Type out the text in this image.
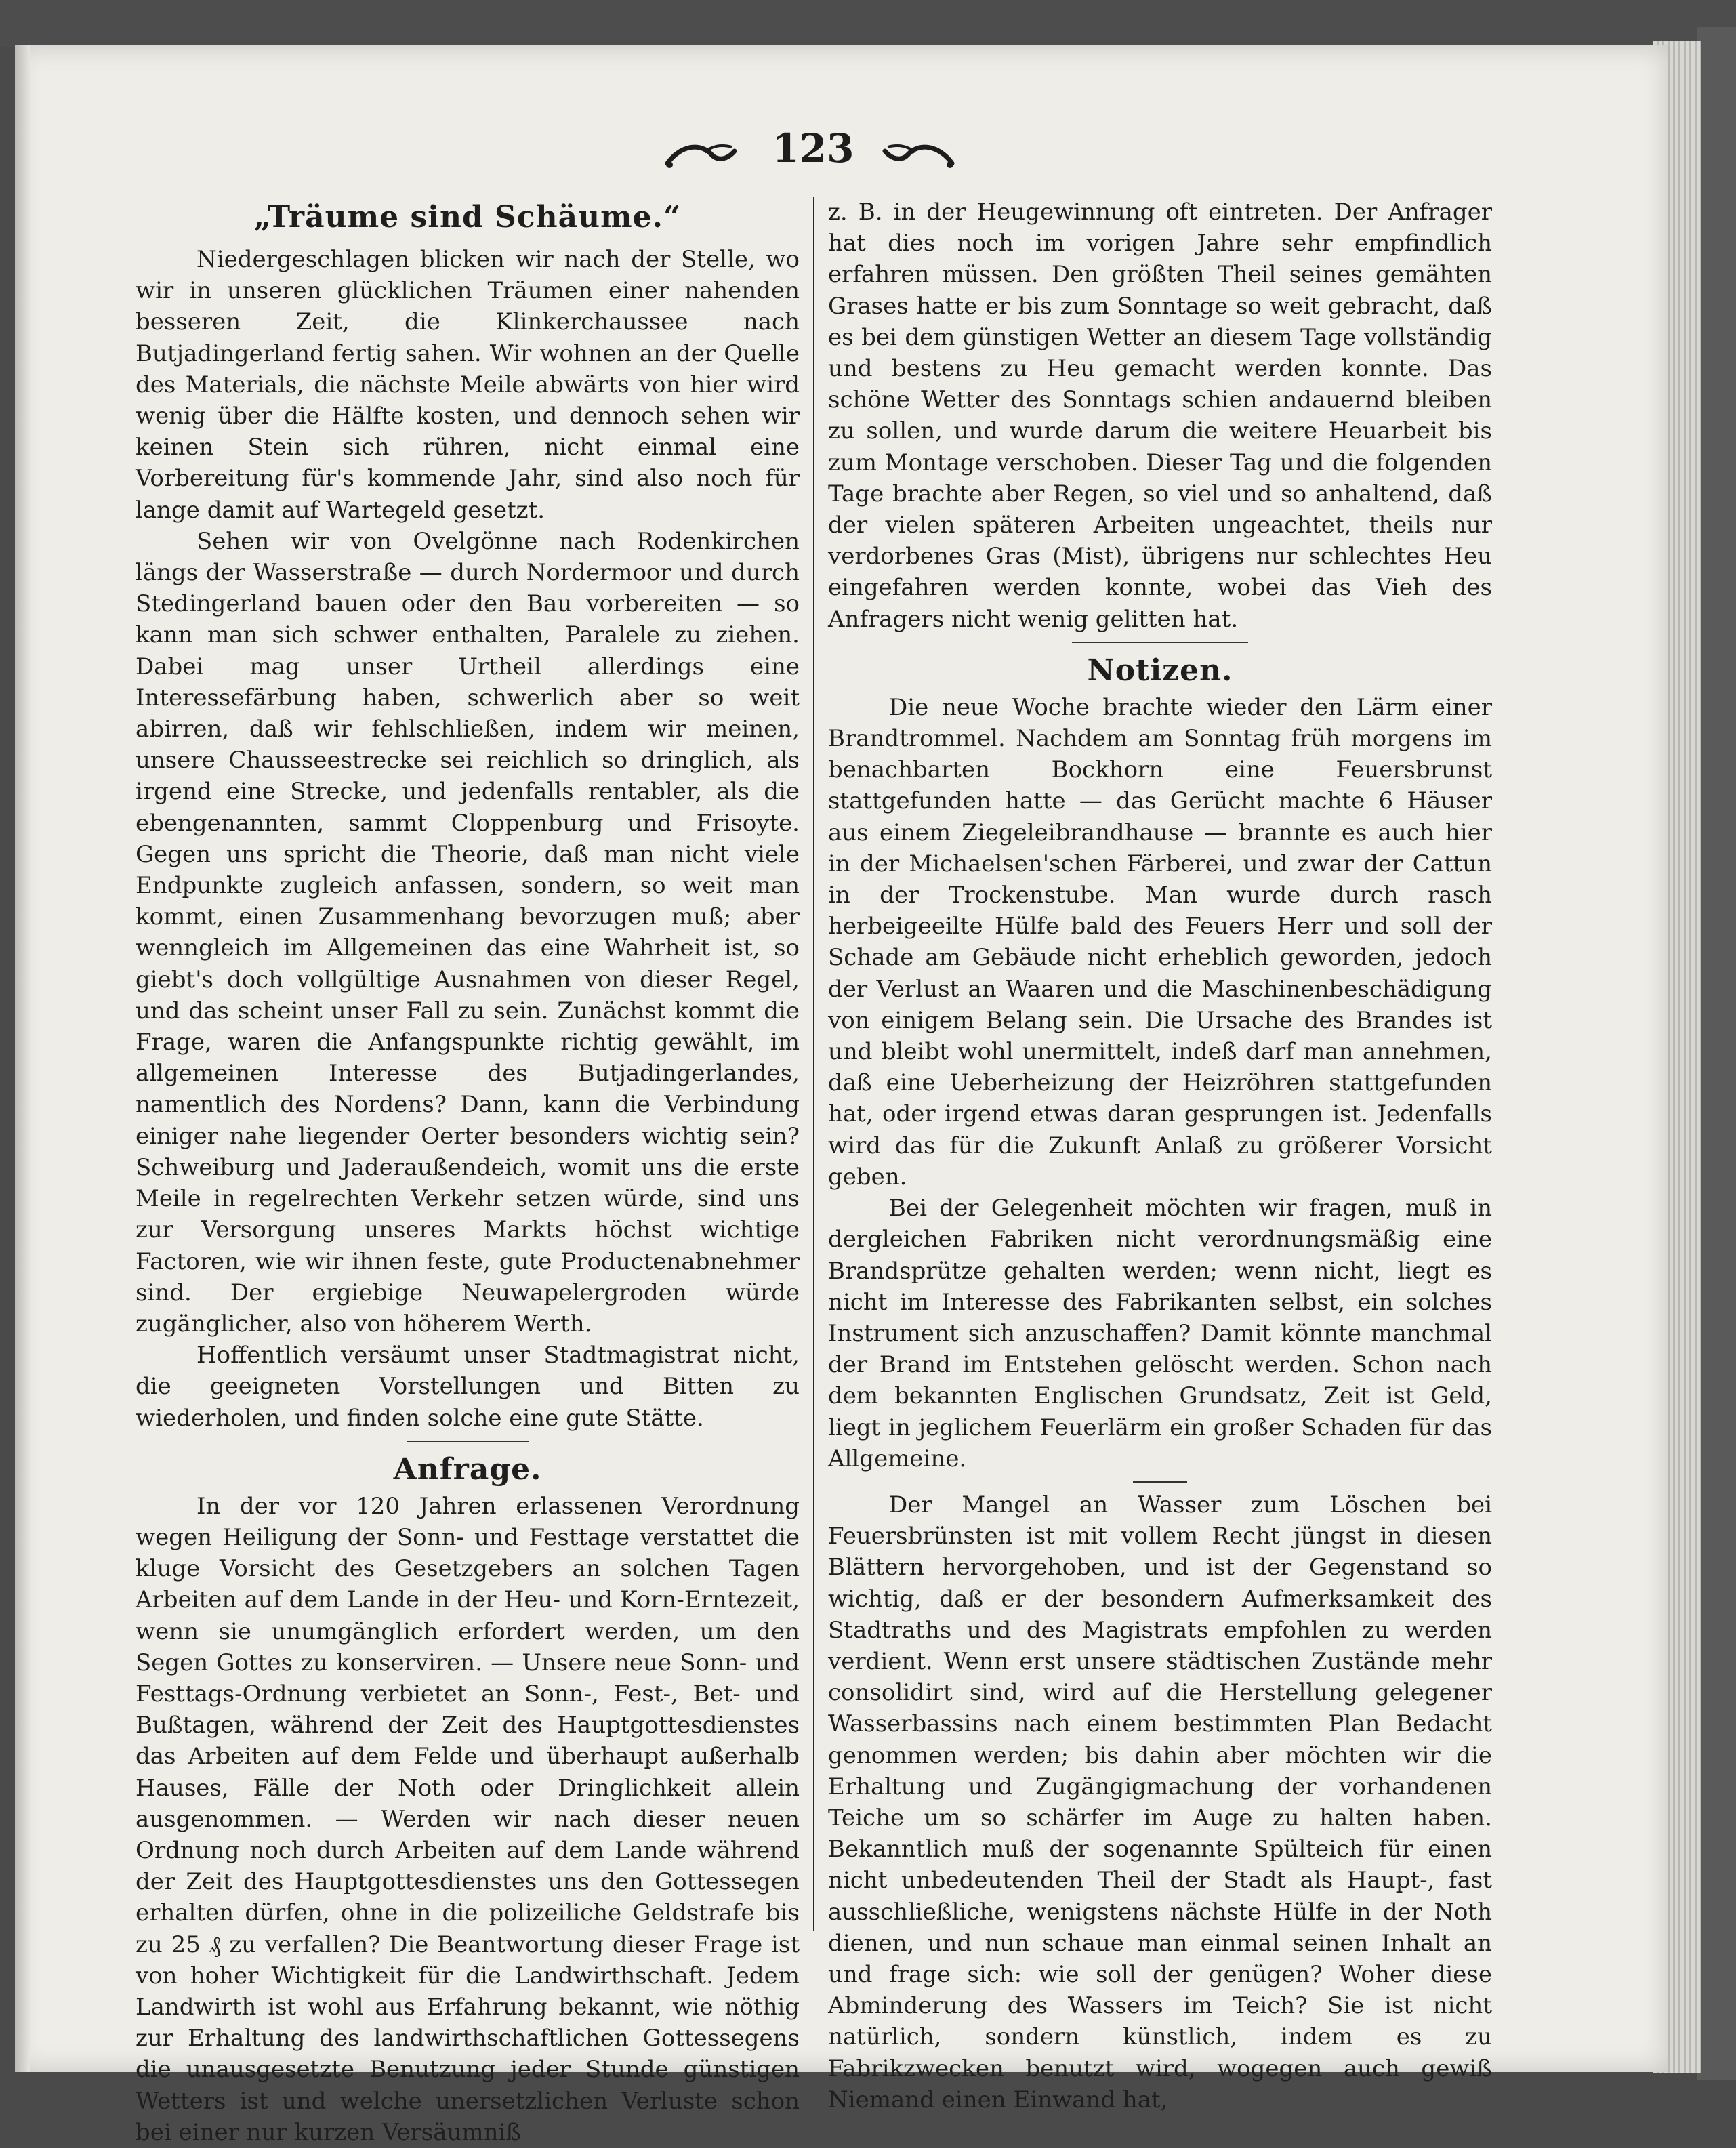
123
„Träume sind Schäume.“

Niedergeschlagen blicken wir nach der Stelle, wo wir in unseren glücklichen Träumen einer nahenden besseren Zeit, die Klinkerchaussee nach Butjadingerland fertig sahen. Wir wohnen an der Quelle des Materials, die nächste Meile abwärts von hier wird wenig über die Hälfte kosten, und dennoch sehen wir keinen Stein sich rühren, nicht einmal eine Vorbereitung für's kommende Jahr, sind also noch für lange damit auf Wartegeld gesetzt.

Sehen wir von Ovelgönne nach Rodenkirchen längs der Wasserstraße — durch Nordermoor und durch Stedingerland bauen oder den Bau vorbereiten — so kann man sich schwer enthalten, Paralele zu ziehen. Dabei mag unser Urtheil allerdings eine Interessefärbung haben, schwerlich aber so weit abirren, daß wir fehlschließen, indem wir meinen, unsere Chausseestrecke sei reichlich so dringlich, als irgend eine Strecke, und jedenfalls rentabler, als die ebengenannten, sammt Cloppenburg und Frisoyte. Gegen uns spricht die Theorie, daß man nicht viele Endpunkte zugleich anfassen, sondern, so weit man kommt, einen Zusammenhang bevorzugen muß; aber wenngleich im Allgemeinen das eine Wahrheit ist, so giebt's doch vollgültige Ausnahmen von dieser Regel, und das scheint unser Fall zu sein. Zunächst kommt die Frage, waren die Anfangspunkte richtig gewählt, im allgemeinen Interesse des Butjadingerlandes, namentlich des Nordens? Dann, kann die Verbindung einiger nahe liegender Oerter besonders wichtig sein? Schweiburg und Jaderaußendeich, womit uns die erste Meile in regelrechten Verkehr setzen würde, sind uns zur Versorgung unseres Markts höchst wichtige Factoren, wie wir ihnen feste, gute Productenabnehmer sind. Der ergiebige Neuwapelergroden würde zugänglicher, also von höherem Werth.

Hoffentlich versäumt unser Stadtmagistrat nicht, die geeigneten Vorstellungen und Bitten zu wiederholen, und finden solche eine gute Stätte.

Anfrage.

In der vor 120 Jahren erlassenen Verordnung wegen Heiligung der Sonn- und Festtage verstattet die kluge Vorsicht des Gesetzgebers an solchen Tagen Arbeiten auf dem Lande in der Heu- und Korn-Erntezeit, wenn sie unumgänglich erfordert werden, um den Segen Gottes zu konserviren. — Unsere neue Sonn- und Festtags-Ordnung verbietet an Sonn-, Fest-, Bet- und Bußtagen, während der Zeit des Hauptgottesdienstes das Arbeiten auf dem Felde und überhaupt außerhalb Hauses, Fälle der Noth oder Dringlichkeit allein ausgenommen. — Werden wir nach dieser neuen Ordnung noch durch Arbeiten auf dem Lande während der Zeit des Hauptgottesdienstes uns den Gottessegen erhalten dürfen, ohne in die polizeiliche Geldstrafe bis zu 25 ₰ zu verfallen? Die Beantwortung dieser Frage ist von hoher Wichtigkeit für die Landwirthschaft. Jedem Landwirth ist wohl aus Erfahrung bekannt, wie nöthig zur Erhaltung des landwirthschaftlichen Gottessegens die unausgesetzte Benutzung jeder Stunde günstigen Wetters ist und welche unersetzlichen Verluste schon bei einer nur kurzen Versäumniß

z. B. in der Heugewinnung oft eintreten. Der Anfrager hat dies noch im vorigen Jahre sehr empfindlich erfahren müssen. Den größten Theil seines gemähten Grases hatte er bis zum Sonntage so weit gebracht, daß es bei dem günstigen Wetter an diesem Tage vollständig und bestens zu Heu gemacht werden konnte. Das schöne Wetter des Sonntags schien andauernd bleiben zu sollen, und wurde darum die weitere Heuarbeit bis zum Montage verschoben. Dieser Tag und die folgenden Tage brachte aber Regen, so viel und so anhaltend, daß der vielen späteren Arbeiten ungeachtet, theils nur verdorbenes Gras (Mist), übrigens nur schlechtes Heu eingefahren werden konnte, wobei das Vieh des Anfragers nicht wenig gelitten hat.

Notizen.

Die neue Woche brachte wieder den Lärm einer Brandtrommel. Nachdem am Sonntag früh morgens im benachbarten Bockhorn eine Feuersbrunst stattgefunden hatte — das Gerücht machte 6 Häuser aus einem Ziegeleibrandhause — brannte es auch hier in der Michaelsen'schen Färberei, und zwar der Cattun in der Trockenstube. Man wurde durch rasch herbeigeeilte Hülfe bald des Feuers Herr und soll der Schade am Gebäude nicht erheblich geworden, jedoch der Verlust an Waaren und die Maschinenbeschädigung von einigem Belang sein. Die Ursache des Brandes ist und bleibt wohl unermittelt, indeß darf man annehmen, daß eine Ueberheizung der Heizröhren stattgefunden hat, oder irgend etwas daran gesprungen ist. Jedenfalls wird das für die Zukunft Anlaß zu größerer Vorsicht geben.

Bei der Gelegenheit möchten wir fragen, muß in dergleichen Fabriken nicht verordnungsmäßig eine Brandsprütze gehalten werden; wenn nicht, liegt es nicht im Interesse des Fabrikanten selbst, ein solches Instrument sich anzuschaffen? Damit könnte manchmal der Brand im Entstehen gelöscht werden. Schon nach dem bekannten Englischen Grundsatz, Zeit ist Geld, liegt in jeglichem Feuerlärm ein großer Schaden für das Allgemeine.

Der Mangel an Wasser zum Löschen bei Feuersbrünsten ist mit vollem Recht jüngst in diesen Blättern hervorgehoben, und ist der Gegenstand so wichtig, daß er der besondern Aufmerksamkeit des Stadtraths und des Magistrats empfohlen zu werden verdient. Wenn erst unsere städtischen Zustände mehr consolidirt sind, wird auf die Herstellung gelegener Wasserbassins nach einem bestimmten Plan Bedacht genommen werden; bis dahin aber möchten wir die Erhaltung und Zugängigmachung der vorhandenen Teiche um so schärfer im Auge zu halten haben. Bekanntlich muß der sogenannte Spülteich für einen nicht unbedeutenden Theil der Stadt als Haupt-, fast ausschließliche, wenigstens nächste Hülfe in der Noth dienen, und nun schaue man einmal seinen Inhalt an und frage sich: wie soll der genügen? Woher diese Abminderung des Wassers im Teich? Sie ist nicht natürlich, sondern künstlich, indem es zu Fabrikzwecken benutzt wird, wogegen auch gewiß Niemand einen Einwand hat,
